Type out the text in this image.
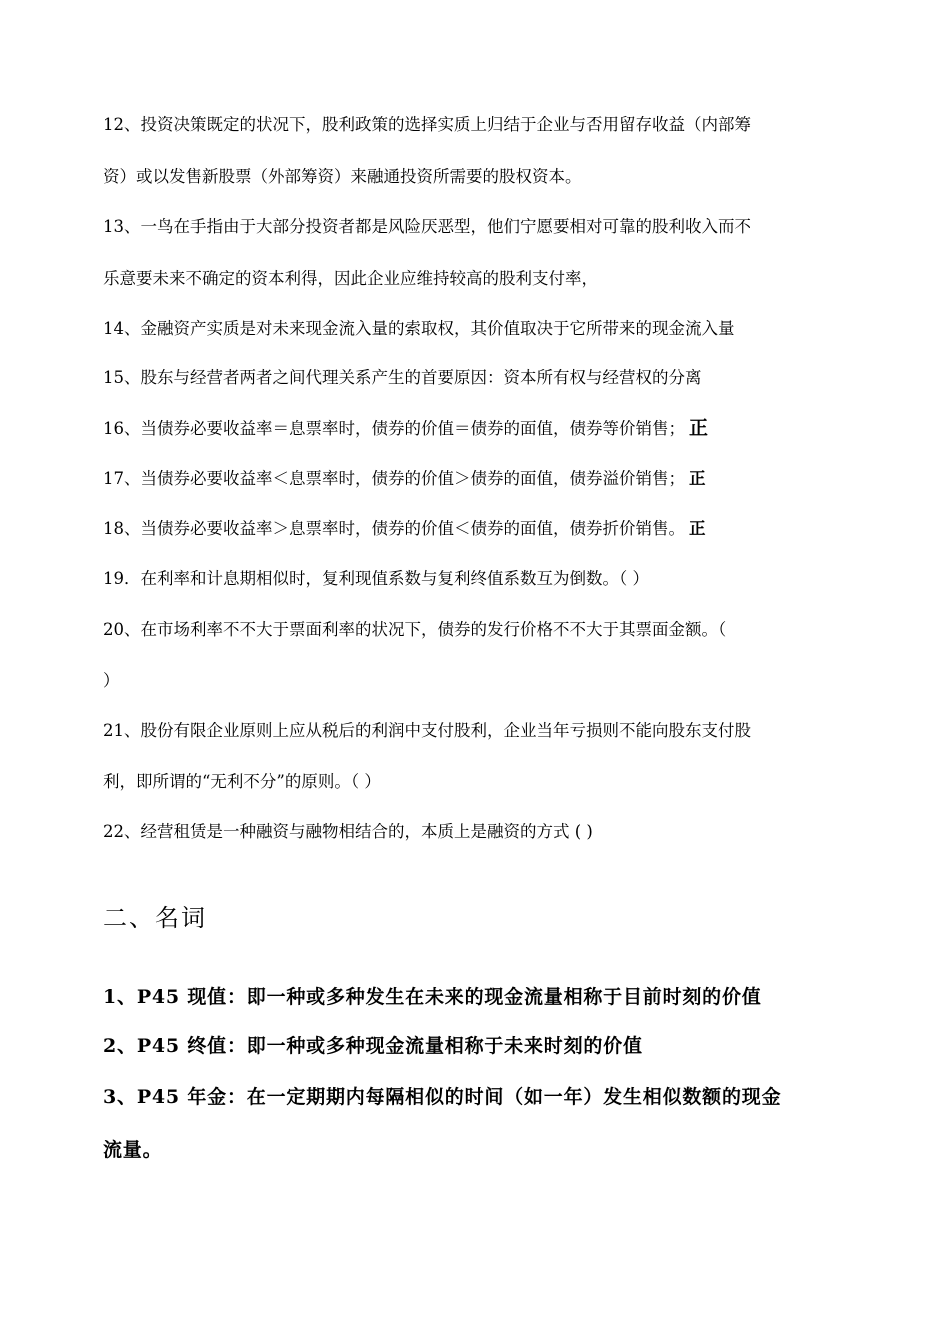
12、投资决策既定的状况下，股利政策的选择实质上归结于企业与否用留存收益（内部筹
资）或以发售新股票（外部筹资）来融通投资所需要的股权资本。
13、一鸟在手指由于大部分投资者都是风险厌恶型，他们宁愿要相对可靠的股利收入而不
乐意要未来不确定的资本利得，因此企业应维持较高的股利支付率，
14、金融资产实质是对未来现金流入量的索取权，其价值取决于它所带来的现金流入量
15、股东与经营者两者之间代理关系产生的首要原因：资本所有权与经营权的分离
16、当债券必要收益率＝息票率时，债券的价值＝债券的面值，债券等价销售； 正
17、当债券必要收益率＜息票率时，债券的价值＞债券的面值，债券溢价销售； 正
18、当债券必要收益率＞息票率时，债券的价值＜债券的面值，债券折价销售。 正
19．在利率和计息期相似时，复利现值系数与复利终值系数互为倒数。（ ）
20、在市场利率不不大于票面利率的状况下，债券的发行价格不不大于其票面金额。（
）
21、股份有限企业原则上应从税后的利润中支付股利，企业当年亏损则不能向股东支付股
利，即所谓的“无利不分”的原则。（ ）
22、经营租赁是一种融资与融物相结合的，本质上是融资的方式 ( )
二、名词
1、P45 现值：即一种或多种发生在未来的现金流量相称于目前时刻的价值
2、P45 终值：即一种或多种现金流量相称于未来时刻的价值
3、P45 年金：在一定期期内每隔相似的时间（如一年）发生相似数额的现金
流量。
